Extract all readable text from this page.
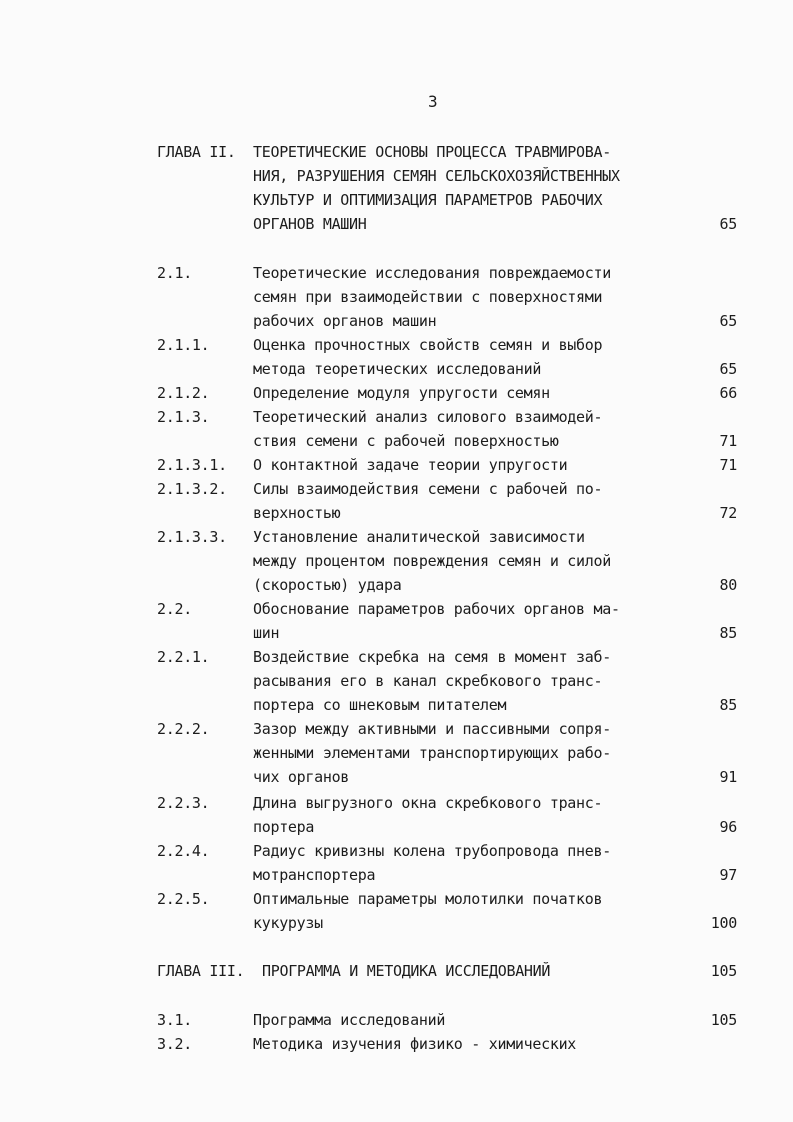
3
ГЛАВА II. ТЕОРЕТИЧЕСКИЕ ОСНОВЫ ПРОЦЕССА ТРАВМИРОВА-
НИЯ, РАЗРУШЕНИЯ СЕМЯН СЕЛЬСКОХОЗЯЙСТВЕННЫХ
КУЛЬТУР И ОПТИМИЗАЦИЯ ПАРАМЕТРОВ РАБОЧИХ
ОРГАНОВ МАШИН	65
2.1.	Теоретические исследования повреждаемости
семян при взаимодействии с поверхностями
рабочих органов машин	65
2.1.1.	Оценка прочностных свойств семян и выбор
метода теоретических исследований	65
2.1.2.	Определение модуля упругости семян	66
2.1.3.	Теоретический анализ силового взаимодей-
ствия семени с рабочей поверхностью	71
2.1.3.1. О контактной задаче теории упругости	71
2.1.3.2. Силы взаимодействия семени с рабочей по-
верхностью	72
2.1.3.3. Установление аналитической зависимости
между процентом повреждения семян и силой
(скоростью) удара	80
2.2.	Обоснование параметров рабочих органов ма-
шин	85
2.2.1.	Воздействие скребка на семя в момент заб-
расывания его в канал скребкового транс-
портера со шнековым питателем	85
2.2.2.	Зазор между активными и пассивными сопря-
женными элементами транспортирующих рабо-
чих органов	91
2.2.3.	Длина выгрузного окна скребкового транс-
портера	96
2.2.4.	Радиус кривизны колена трубопровода пнев-
мотранспортера	97
2.2.5.	Оптимальные параметры молотилки початков
кукурузы	100
ГЛАВА III. ПРОГРАММА И МЕТОДИКА ИССЛЕДОВАНИЙ	105
3.1.	Программа исследований	105
3.2.	Методика изучения физико - химических
